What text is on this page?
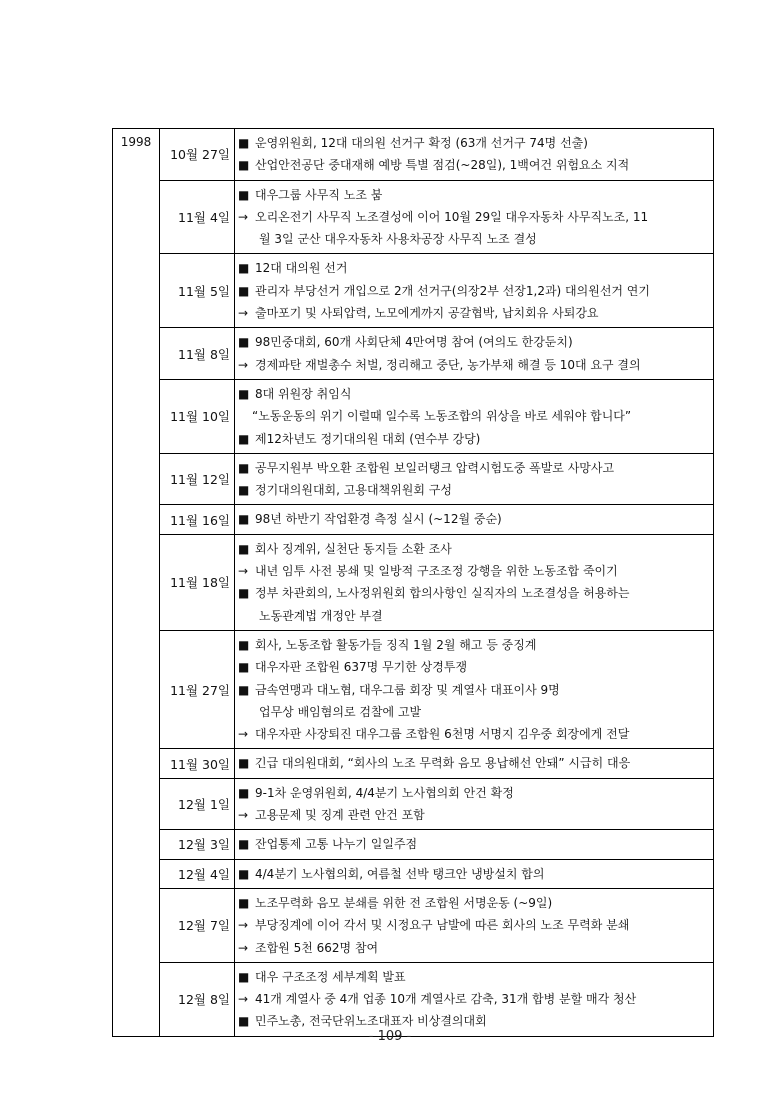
1998	10월 27일	■ 운영위원회, 12대 대의원 선거구 확정 (63개 선거구 74명 선출)
■ 산업안전공단 중대재해 예방 특별 점검(~28일), 1백여건 위험요소 지적

	11월 4일	■ 대우그룹 사무직 노조 붐
→ 오리온전기 사무직 노조결성에 이어 10월 29일 대우자동차 사무직노조, 11
월 3일 군산 대우자동차 사용차공장 사무직 노조 결성

	11월 5일	■ 12대 대의원 선거
■ 관리자 부당선거 개입으로 2개 선거구(의장2부 선장1,2과) 대의원선거 연기
→ 출마포기 및 사퇴압력, 노모에게까지 공갈협박, 납치회유 사퇴강요

	11월 8일	■ 98민중대회, 60개 사회단체 4만여명 참여 (여의도 한강둔치)
→ 경제파탄 재벌총수 처벌, 정리해고 중단, 농가부채 해결 등 10대 요구 결의

	11월 10일	■ 8대 위원장 취임식
“노동운동의 위기 이럴때 일수록 노동조합의 위상을 바로 세워야 합니다”
■ 제12차년도 정기대의원 대회 (연수부 강당)

	11월 12일	■ 공무지원부 박오환 조합원 보일러탱크 압력시험도중 폭발로 사망사고
■ 정기대의원대회, 고용대책위원회 구성

	11월 16일	■ 98년 하반기 작업환경 측정 실시 (~12월 중순)

	11월 18일	■ 회사 징계위, 실천단 동지들 소환 조사
→ 내년 임투 사전 봉쇄 및 일방적 구조조정 강행을 위한 노동조합 죽이기
■ 정부 차관회의, 노사정위원회 합의사항인 실직자의 노조결성을 허용하는
노동관계법 개정안 부결

	11월 27일	■ 회사, 노동조합 활동가들 징직 1월 2월 해고 등 중징계
■ 대우자판 조합원 637명 무기한 상경투쟁
■ 금속연맹과 대노협, 대우그룹 회장 및 계열사 대표이사 9명
업무상 배임혐의로 검찰에 고발
→ 대우자판 사장퇴진 대우그룹 조합원 6천명 서명지 김우중 회장에게 전달

	11월 30일	■ 긴급 대의원대회, “회사의 노조 무력화 음모 용납해선 안돼” 시급히 대응

	12월 1일	■ 9-1차 운영위원회, 4/4분기 노사협의회 안건 확정
→ 고용문제 및 징계 관련 안건 포함

	12월 3일	■ 잔업통제 고통 나누기 일일주점

	12월 4일	■ 4/4분기 노사협의회, 여름철 선박 탱크안 냉방설치 합의

	12월 7일	■ 노조무력화 음모 분쇄를 위한 전 조합원 서명운동 (~9일)
→ 부당징계에 이어 각서 및 시정요구 남발에 따른 회사의 노조 무력화 분쇄
→ 조합원 5천 662명 참여

	12월 8일	■ 대우 구조조정 세부계획 발표
→ 41개 계열사 중 4개 업종 10개 계열사로 감축, 31개 합병 분할 매각 청산
■ 민주노총, 전국단위노조대표자 비상결의대회
- 109 -
